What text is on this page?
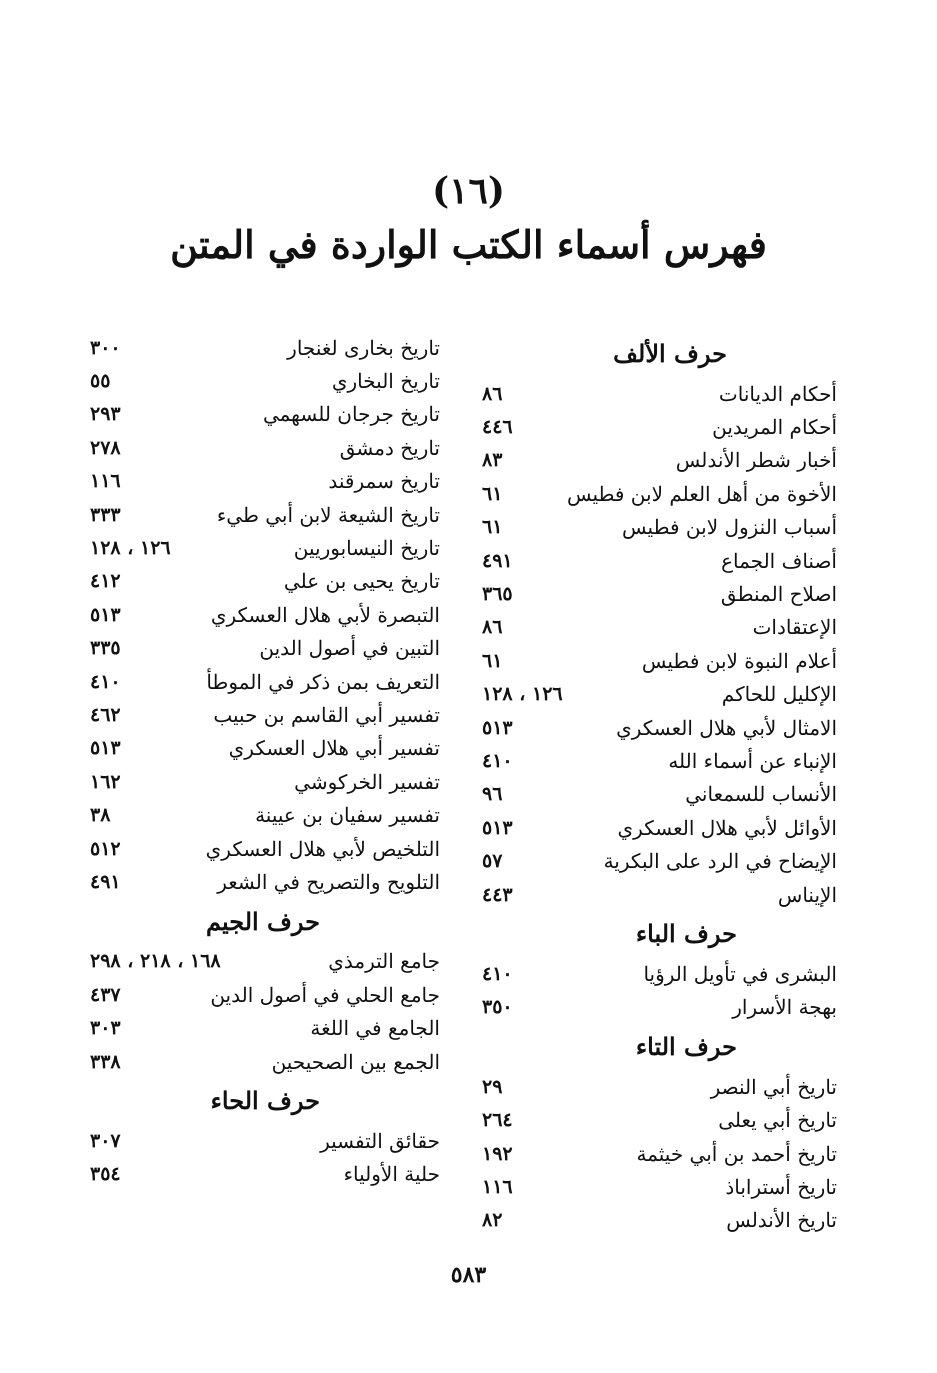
(١٦)
فهرس أسماء الكتب الواردة في المتن
حرف الألف
أحكام الديانات
٨٦
أحكام المريدين
٤٤٦
أخبار شطر الأندلس
٨٣
الأخوة من أهل العلم لابن فطيس
٦١
أسباب النزول لابن فطيس
٦١
أصناف الجماع
٤٩١
اصلاح المنطق
٣٦٥
الإعتقادات
٨٦
أعلام النبوة لابن فطيس
٦١
الإكليل للحاكم
١٢٦ ، ١٢٨
الامثال لأبي هلال العسكري
٥١٣
الإنباء عن أسماء الله
٤١٠
الأنساب للسمعاني
٩٦
الأوائل لأبي هلال العسكري
٥١٣
الإيضاح في الرد على البكرية
٥٧
الإيناس
٤٤٣
حرف الباء
البشرى في تأويل الرؤيا
٤١٠
بهجة الأسرار
٣٥٠
حرف التاء
تاريخ أبي النصر
٢٩
تاريخ أبي يعلى
٢٦٤
تاريخ أحمد بن أبي خيثمة
١٩٢
تاريخ أستراباذ
١١٦
تاريخ الأندلس
٨٢
تاريخ بخارى لغنجار
٣٠٠
تاريخ البخاري
٥٥
تاريخ جرجان للسهمي
٢٩٣
تاريخ دمشق
٢٧٨
تاريخ سمرقند
١١٦
تاريخ الشيعة لابن أبي طيء
٣٣٣
تاريخ النيسابوريين
١٢٦ ، ١٢٨
تاريخ يحيى بن علي
٤١٢
التبصرة لأبي هلال العسكري
٥١٣
التبين في أصول الدين
٣٣٥
التعريف بمن ذكر في الموطأ
٤١٠
تفسير أبي القاسم بن حبيب
٤٦٢
تفسير أبي هلال العسكري
٥١٣
تفسير الخركوشي
١٦٢
تفسير سفيان بن عيينة
٣٨
التلخيص لأبي هلال العسكري
٥١٢
التلويح والتصريح في الشعر
٤٩١
حرف الجيم
جامع الترمذي
١٦٨ ، ٢١٨ ، ٢٩٨
جامع الحلي في أصول الدين
٤٣٧
الجامع في اللغة
٣٠٣
الجمع بين الصحيحين
٣٣٨
حرف الحاء
حقائق التفسير
٣٠٧
حلية الأولياء
٣٥٤
٥٨٣
